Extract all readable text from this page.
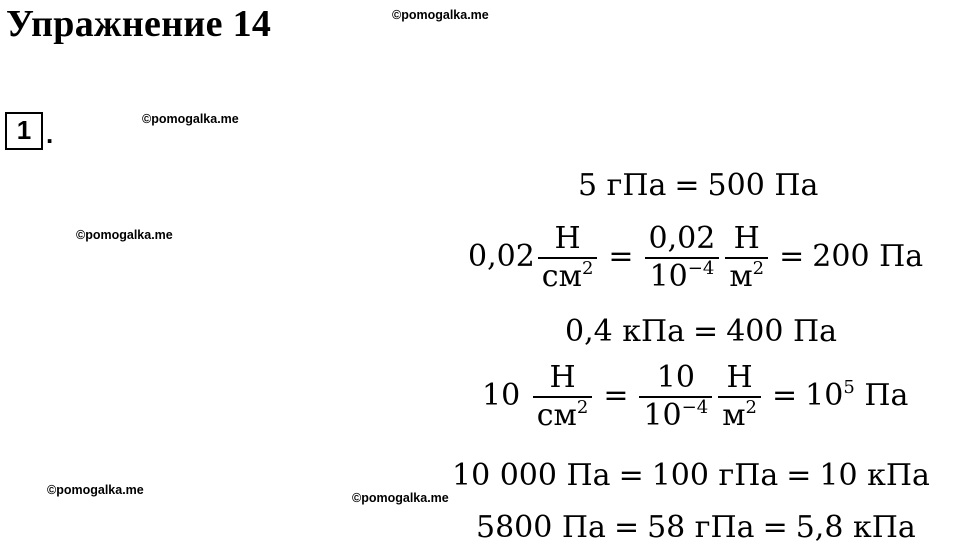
Упражнение 14	©pomogalka.me
©pomogalka.me
©pomogalka.me
©pomogalka.me
©pomogalka.me
1 .
5 гПа = 500 Па
$0,02 \frac{Н}{см^2} = \frac{0,02}{10^{-4}} \frac{Н}{м^2} = 200$ Па
0,4 кПа = 400 Па
$10 \frac{Н}{см^2} = \frac{10}{10^{-4}} \frac{Н}{м^2} = 10^5$ Па
10 000 Па = 100 гПа = 10 кПа
5800 Па = 58 гПа = 5,8 кПа
